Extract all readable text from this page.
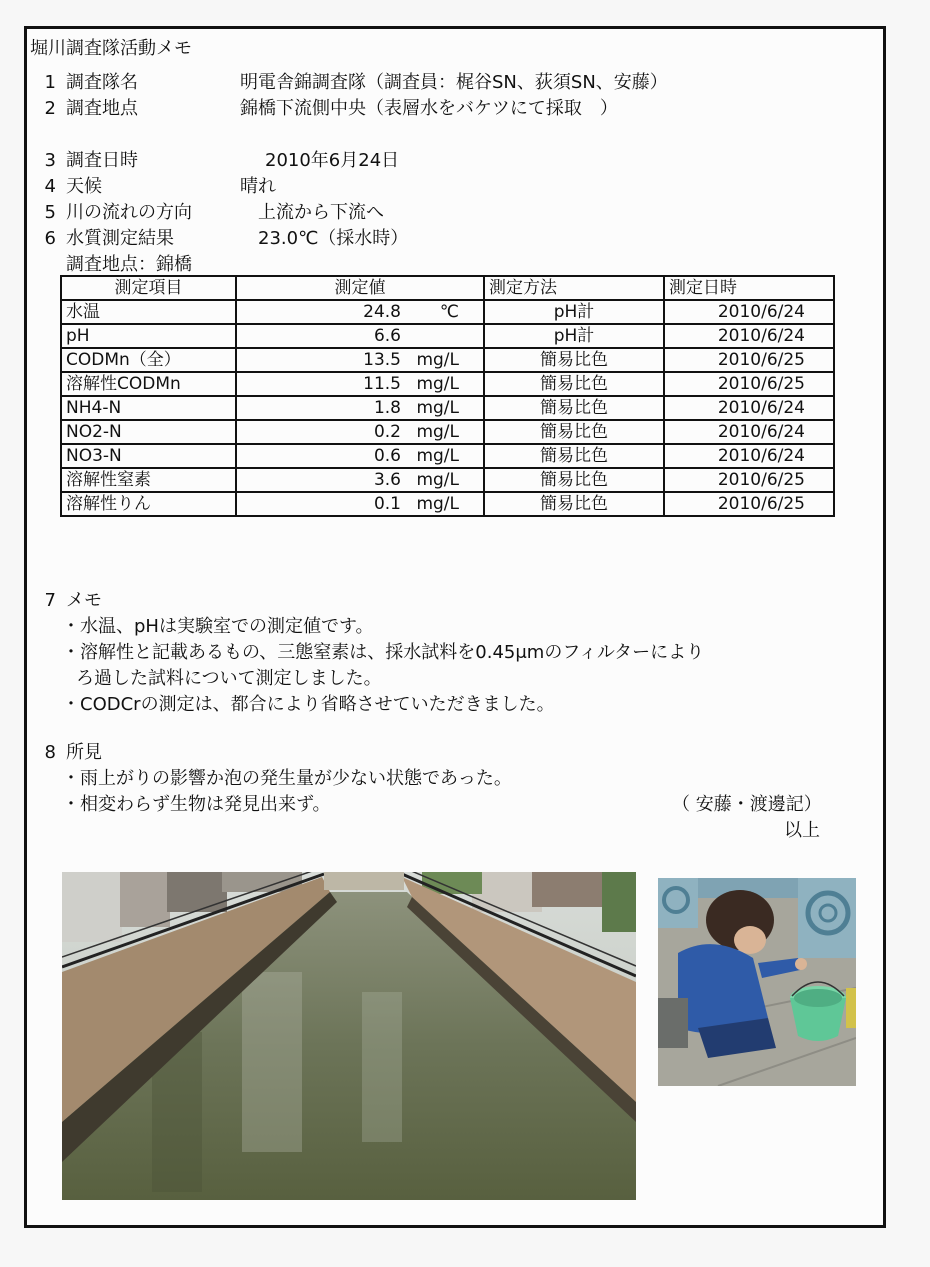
堀川調査隊活動メモ
1 調査隊名	明電舎錦調査隊（調査員：梶谷SN、荻須SN、安藤）
2 調査地点	錦橋下流側中央（表層水をバケツにて採取　）
3 調査日時	2010年6月24日
4 天候	晴れ
5 川の流れの方向	上流から下流へ
6 水質測定結果	23.0℃（採水時）
調査地点：錦橋
測定項目	測定値	測定方法	測定日時
水温	24.8 ℃	pH計	2010/6/24
pH	6.6	pH計	2010/6/24
CODMn（全）	13.5 mg/L	簡易比色	2010/6/25
溶解性CODMn	11.5 mg/L	簡易比色	2010/6/25
NH4-N	1.8 mg/L	簡易比色	2010/6/24
NO2-N	0.2 mg/L	簡易比色	2010/6/24
NO3-N	0.6 mg/L	簡易比色	2010/6/24
溶解性窒素	3.6 mg/L	簡易比色	2010/6/25
溶解性りん	0.1 mg/L	簡易比色	2010/6/25
7 メモ
・水温、pHは実験室での測定値です。
・溶解性と記載あるもの、三態窒素は、採水試料を0.45μmのフィルターにより
ろ過した試料について測定しました。
・CODCrの測定は、都合により省略させていただきました。
8 所見
・雨上がりの影響か泡の発生量が少ない状態であった。
・相変わらず生物は発見出来ず。	（ 安藤・渡邊記）
以上
